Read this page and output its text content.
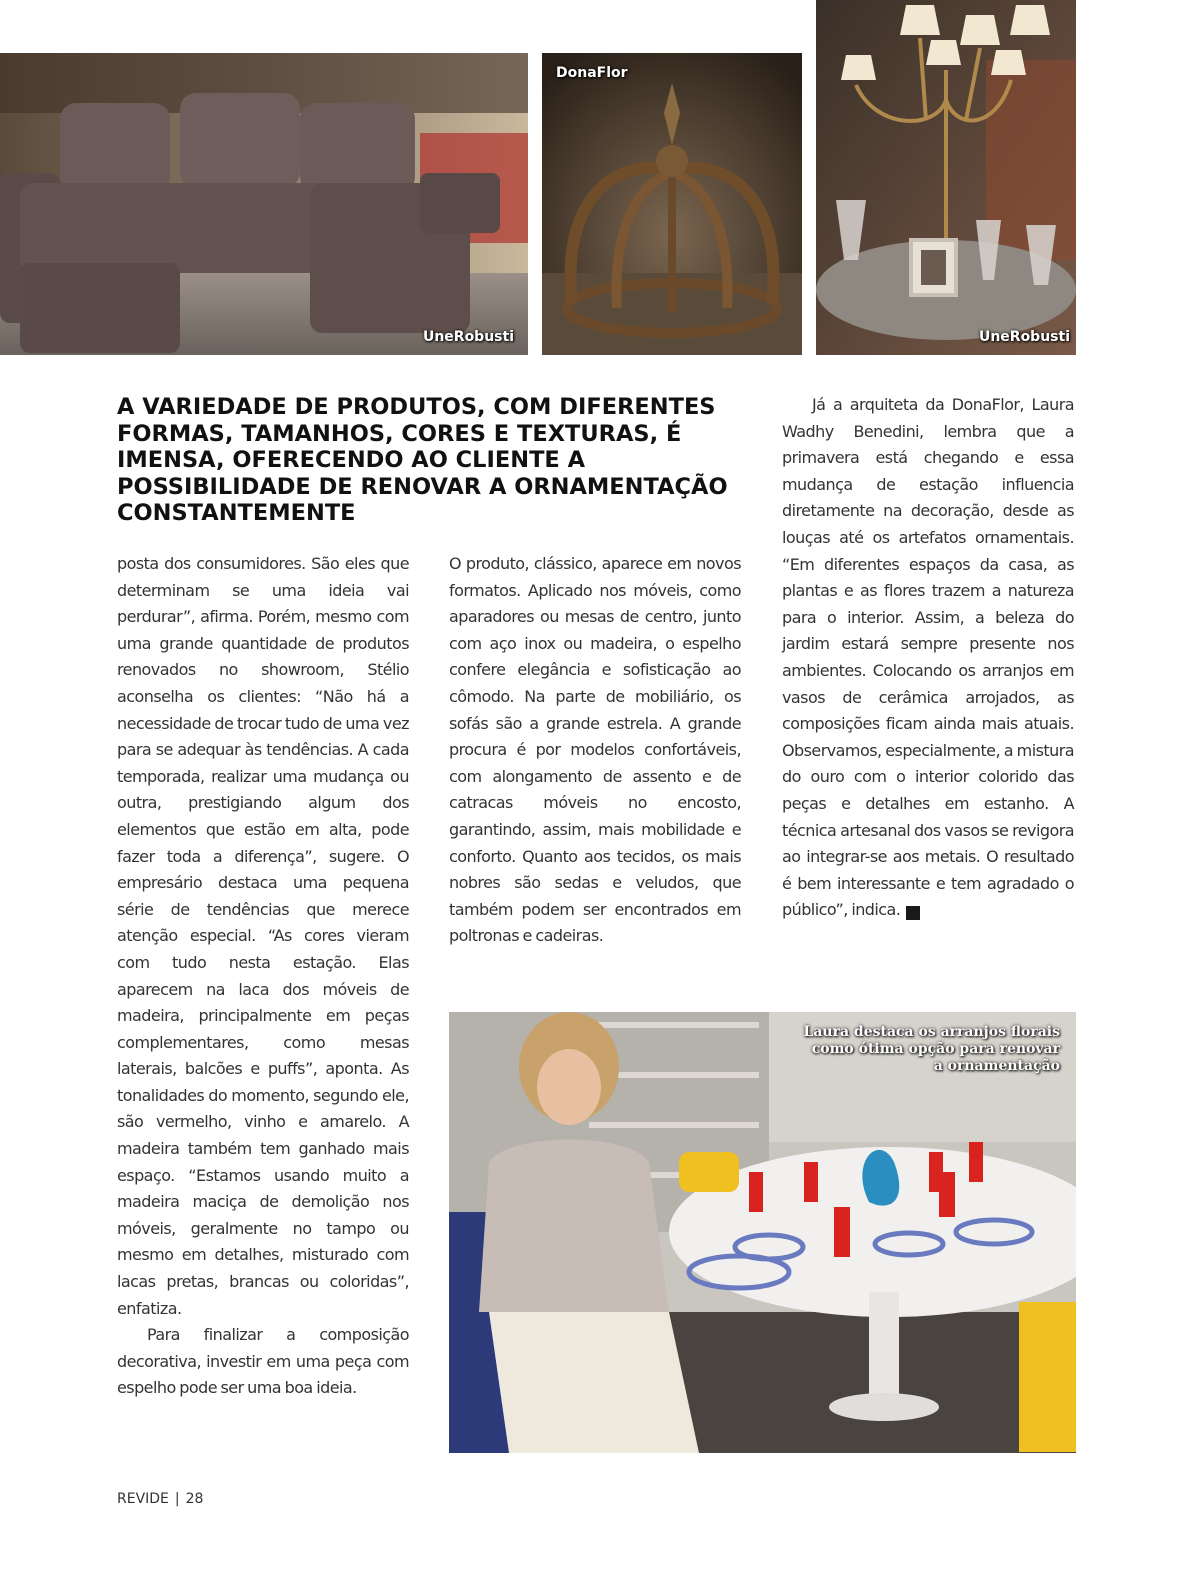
UneRobusti
DonaFlor
UneRobusti
A VARIEDADE DE PRODUTOS, COM DIFERENTES FORMAS, TAMANHOS, CORES E TEXTURAS, É IMENSA, OFERECENDO AO CLIENTE A POSSIBILIDADE DE RENOVAR A ORNAMENTAÇÃO CONSTANTEMENTE

posta dos consumidores. São eles que determinam se uma ideia vai perdurar”, afirma. Porém, mesmo com uma grande quantidade de produtos renovados no showroom, Stélio aconselha os clientes: “Não há a necessidade de trocar tudo de uma vez para se adequar às tendências. A cada temporada, realizar uma mudança ou outra, prestigiando algum dos elementos que estão em alta, pode fazer toda a diferença”, sugere. O empresário destaca uma pequena série de tendências que merece atenção especial. “As cores vieram com tudo nesta estação. Elas aparecem na laca dos móveis de madeira, principalmente em peças complementares, como mesas laterais, balcões e puffs”, aponta. As tonalidades do momento, segundo ele, são vermelho, vinho e amarelo. A madeira também tem ganhado mais espaço. “Estamos usando muito a madeira maciça de demolição nos móveis, geralmente no tampo ou mesmo em detalhes, misturado com lacas pretas, brancas ou coloridas”, enfatiza.

Para finalizar a composição decorativa, investir em uma peça com espelho pode ser uma boa ideia.

O produto, clássico, aparece em novos formatos. Aplicado nos móveis, como aparadores ou mesas de centro, junto com aço inox ou madeira, o espelho confere elegância e sofisticação ao cômodo. Na parte de mobiliário, os sofás são a grande estrela. A grande procura é por modelos confortáveis, com alongamento de assento e de catracas móveis no encosto, garantindo, assim, mais mobilidade e conforto. Quanto aos tecidos, os mais nobres são sedas e veludos, que também podem ser encontrados em poltronas e cadeiras.

Já a arquiteta da DonaFlor, Laura Wadhy Benedini, lembra que a primavera está chegando e essa mudança de estação influencia diretamente na decoração, desde as louças até os artefatos ornamentais. “Em diferentes espaços da casa, as plantas e as flores trazem a natureza para o interior. Assim, a beleza do jardim estará sempre presente nos ambientes. Colocando os arranjos em vasos de cerâmica arrojados, as composições ficam ainda mais atuais. Observamos, especialmente, a mistura do ouro com o interior colorido das peças e detalhes em estanho. A técnica artesanal dos vasos se revigora ao integrar-se aos metais. O resultado é bem interessante e tem agradado o público”, indica.	r

Laura destaca os arranjos florais como ótima opção para renovar a ornamentação
REVIDE | 28
